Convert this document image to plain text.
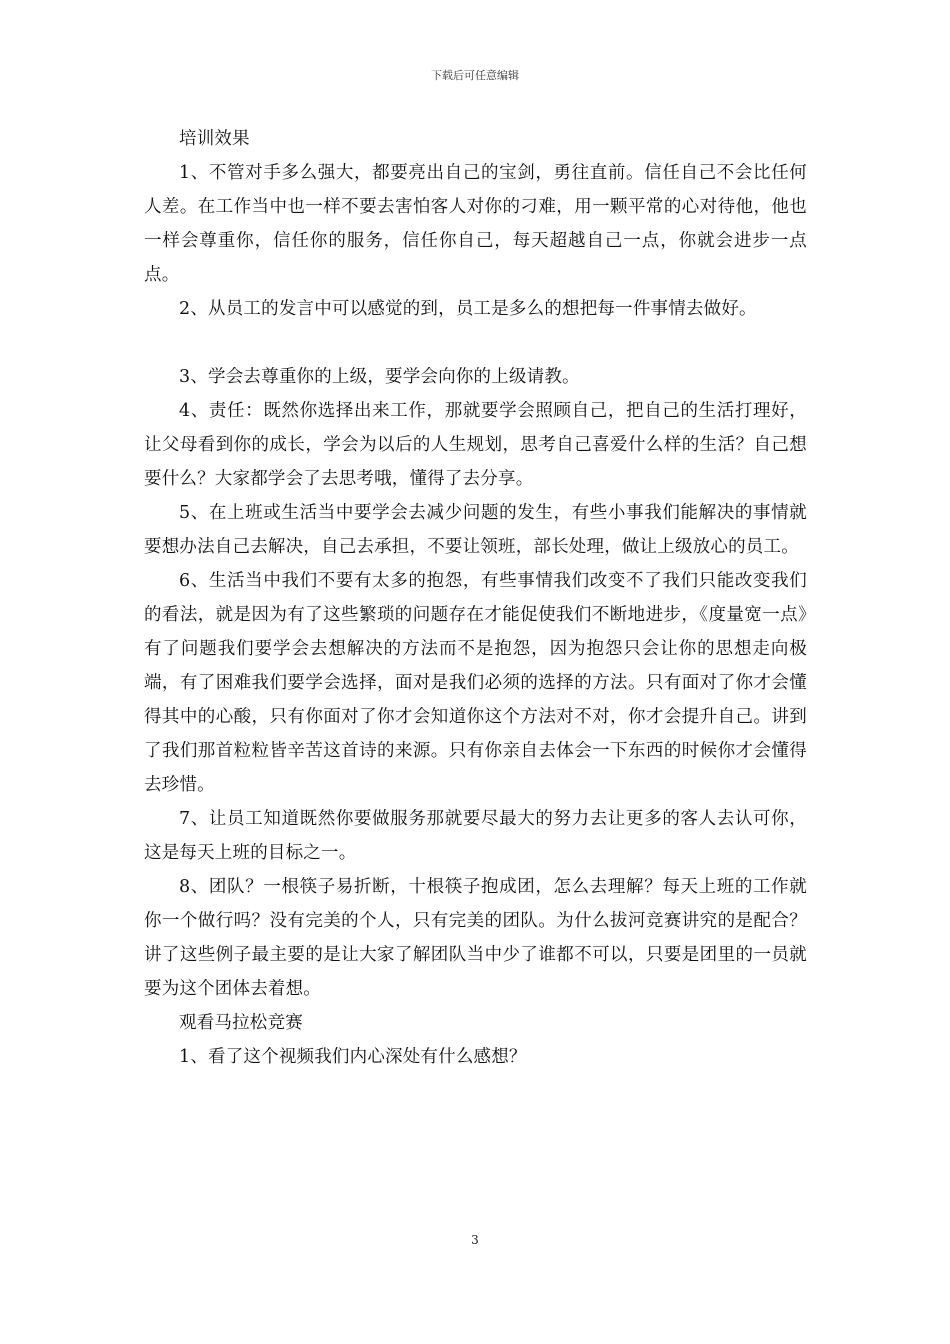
下载后可任意编辑

培训效果

1、不管对手多么强大，都要亮出自己的宝剑，勇往直前。信任自己不会比任何人差。在工作当中也一样不要去害怕客人对你的刁难，用一颗平常的心对待他，他也一样会尊重你，信任你的服务，信任你自己，每天超越自己一点，你就会进步一点点。

2、从员工的发言中可以感觉的到，员工是多么的想把每一件事情去做好。

3、学会去尊重你的上级，要学会向你的上级请教。

4、责任：既然你选择出来工作，那就要学会照顾自己，把自己的生活打理好，让父母看到你的成长，学会为以后的人生规划，思考自己喜爱什么样的生活？自己想要什么？大家都学会了去思考哦，懂得了去分享。

5、在上班或生活当中要学会去减少问题的发生，有些小事我们能解决的事情就要想办法自己去解决，自己去承担，不要让领班，部长处理，做让上级放心的员工。

6、生活当中我们不要有太多的抱怨，有些事情我们改变不了我们只能改变我们的看法，就是因为有了这些繁琐的问题存在才能促使我们不断地进步，《度量宽一点》有了问题我们要学会去想解决的方法而不是抱怨，因为抱怨只会让你的思想走向极端，有了困难我们要学会选择，面对是我们必须的选择的方法。只有面对了你才会懂得其中的心酸，只有你面对了你才会知道你这个方法对不对，你才会提升自己。讲到了我们那首粒粒皆辛苦这首诗的来源。只有你亲自去体会一下东西的时候你才会懂得去珍惜。

7、让员工知道既然你要做服务那就要尽最大的努力去让更多的客人去认可你，这是每天上班的目标之一。

8、团队？一根筷子易折断，十根筷子抱成团，怎么去理解？每天上班的工作就你一个做行吗？没有完美的个人，只有完美的团队。为什么拔河竞赛讲究的是配合？讲了这些例子最主要的是让大家了解团队当中少了谁都不可以，只要是团里的一员就要为这个团体去着想。

观看马拉松竞赛

1、看了这个视频我们内心深处有什么感想？

3
